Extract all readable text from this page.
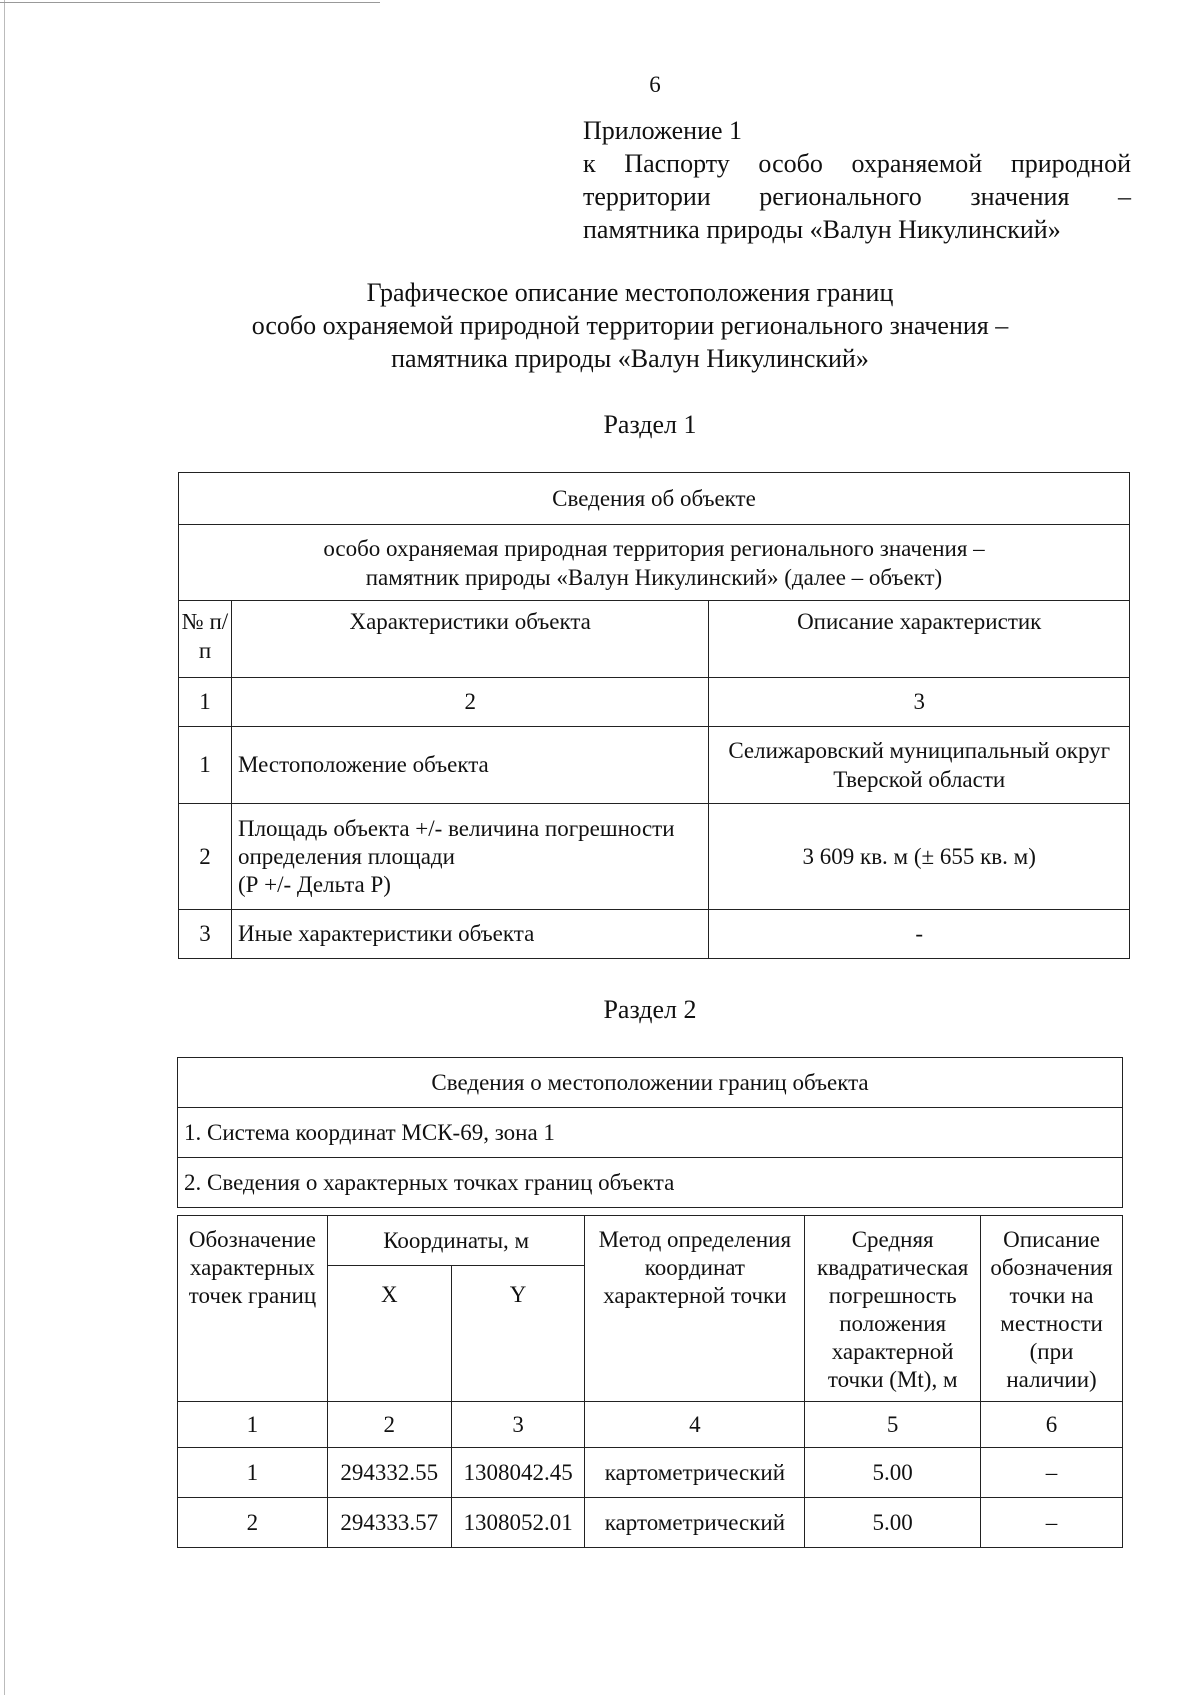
6
Приложение 1
к Паспорту особо охраняемой природной
территории регионального значения –
памятника природы «Валун Никулинский»
Графическое описание местоположения границ
особо охраняемой природной территории регионального значения –
памятника природы «Валун Никулинский»
Раздел 1
Сведения об объекте		

особо охраняемая природная территория регионального значения –
памятник природы «Валун Никулинский» (далее – объект)		

№ п/п	Характеристики объекта	Описание характеристик
1	2	3
1	Местоположение объекта	Селижаровский муниципальный округ Тверской области
2	Площадь объекта +/- величина погрешности
определения площади
(Р +/- Дельта Р)	3 609 кв. м (± 655 кв. м)
3	Иные характеристики объекта	-
Раздел 2
Сведения о местоположении границ объекта
1. Система координат МСК-69, зона 1
2. Сведения о характерных точках границ объекта
Обозначение характерных точек границ	Координаты, м		Метод определения координат характерной точки	Средняя квадратическая погрешность положения характерной точки (Mt), м	Описание обозначения точки на местности (при наличии)
	X	Y			
1	2	3	4	5	6
1	294332.55	1308042.45	картометрический	5.00	–
2	294333.57	1308052.01	картометрический	5.00	–
